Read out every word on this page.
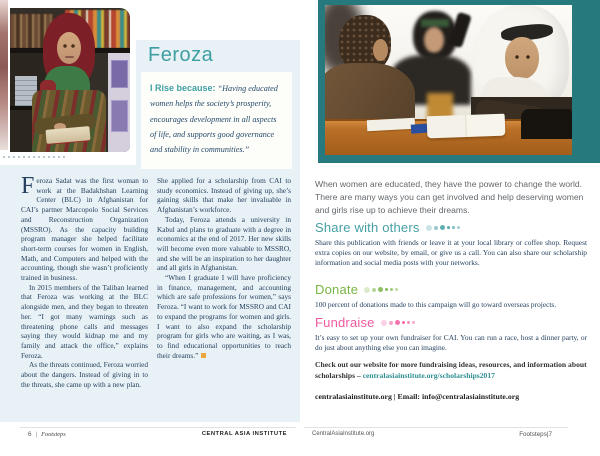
Feroza

I Rise because: “Having educated women helps the society’s prosperity, encourages development in all aspects of life, and supports good governance and stability in communities.”

Feroza Sadat was the first woman to work at the Badakhshan Learning Center (BLC) in Afghanistan for CAI’s partner Marcopolo Social Services and Reconstruction Organization (MSSRO). As the capacity building program manager she helped facilitate short-term courses for women in English, Math, and Computers and helped with the accounting, though she wasn’t proficiently trained in business.

In 2015 members of the Taliban learned that Feroza was working at the BLC alongside men, and they began to threaten her. “I got many warnings such as threatening phone calls and messages saying they would kidnap me and my family and attack the office,” explains Feroza.

As the threats continued, Feroza worried about the dangers. Instead of giving in to the threats, she came up with a new plan.

She applied for a scholarship from CAI to study economics. Instead of giving up, she’s gaining skills that make her invaluable in Afghanistan’s workforce.

Today, Feroza attends a university in Kabul and plans to graduate with a degree in economics at the end of 2017. Her new skills will become even more valuable to MSSRO, and she will be an inspiration to her daughter and all girls in Afghanistan.

“When I graduate I will have proficiency in finance, management, and accounting which are safe professions for women,” says Feroza. “I want to work for MSSRO and CAI to expand the programs for women and girls. I want to also expand the scholarship program for girls who are waiting, as I was, to find educational opportunities to reach their dreams.”

6 | Footsteps	CENTRAL ASIA INSTITUTE

When women are educated, they have the power to change the world. There are many ways you can get involved and help deserving women and girls rise up to achieve their dreams.

Share with others

Share this publication with friends or leave it at your local library or coffee shop. Request extra copies on our website, by email, or give us a call. You can also share our scholarship information and social media posts with your networks.

Donate

100 percent of donations made to this campaign will go toward overseas projects.

Fundraise

It’s easy to set up your own fundraiser for CAI. You can run a race, host a dinner party, or do just about anything else you can imagine.

Check out our website for more fundraising ideas, resources, and information about scholarships – centralasiainstitute.org/scholarships2017

centralasiainstitute.org | Email: info@centralasiainstitute.org

CentralAsiaInstitute.org	Footsteps|7
